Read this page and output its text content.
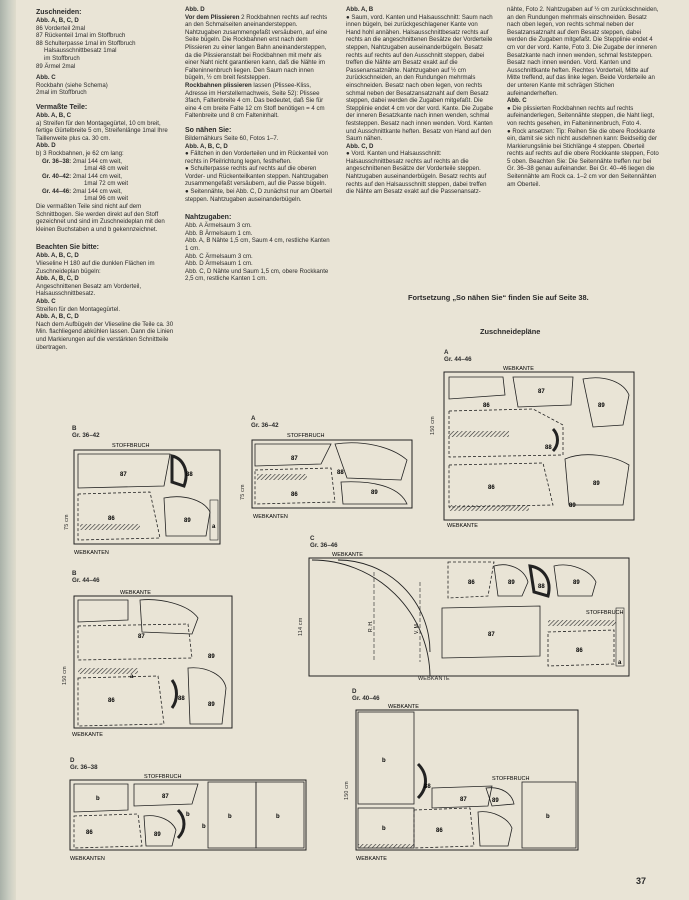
Zuschneiden:

Abb. A, B, C, D

86 Vorderteil 2mal

87 Rückenteil 1mal im Stoffbruch

88 Schulterpasse 1mal im Stoffbruch

Halsausschnittbesatz 1mal

im Stoffbruch

89 Ärmel 2mal

Abb. C

Rockbahn (siehe Schema)

2mal im Stoffbruch

Vermaßte Teile:

Abb. A, B, C

a) Streifen für den Montagegürtel, 10 cm breit, fertige Gürtelbreite 5 cm, Streifenlänge 1mal Ihre Taillenweite plus ca. 30 cm.

Abb. D

b) 3 Rockbahnen, je 62 cm lang:

Gr. 36–38: 2mal 144 cm weit,

1mal 48 cm weit

Gr. 40–42: 2mal 144 cm weit,

1mal 72 cm weit

Gr. 44–46: 2mal 144 cm weit,

1mal 96 cm weit

Die vermaßten Teile sind nicht auf dem Schnittbogen. Sie werden direkt auf den Stoff gezeichnet und sind im Zuschneideplan mit den kleinen Buchstaben a und b gekennzeichnet.

Beachten Sie bitte:

Abb. A, B, C, D

Vlieseline H 180 auf die dunklen Flächen im Zuschneideplan bügeln:

Abb. A, B, C, D

Angeschnittenen Besatz am Vorderteil, Halsausschnittbesatz.

Abb. C

Streifen für den Montagegürtel.

Abb. A, B, C, D

Nach dem Aufbügeln der Vlieseline die Teile ca. 30 Min. flachliegend abkühlen lassen. Dann die Linien und Markierungen auf die verstärkten Schnittteile übertragen.

Abb. D

Vor dem Plissieren 2 Rockbahnen rechts auf rechts an den Schmalseiten aneinandersteppen. Nahtzugaben zusammengefaßt versäubern, auf eine Seite bügeln. Die Rockbahnen erst nach dem Plissieren zu einer langen Bahn aneinandersteppen, da die Plissieranstalt bei Rockbahnen mit mehr als einer Naht nicht garantieren kann, daß die Nähte im Falteninnenbruch liegen. Den Saum nach innen bügeln, ½ cm breit feststeppen.

Rockbahnen plissieren lassen (Plissee-Kliss, Adresse im Herstellernachweis, Seite 52): Plissee 3fach, Faltenbreite 4 cm. Das bedeutet, daß Sie für eine 4 cm breite Falte 12 cm Stoff benötigen = 4 cm Faltenbreite und 8 cm Falteninhalt.

So nähen Sie:

Bildernähkurs Seite 60, Fotos 1–7.

Abb. A, B, C, D

● Fältchen in den Vorderteilen und im Rückenteil von rechts in Pfeilrichtung legen, festheften.

● Schulterpasse rechts auf rechts auf die oberen Vorder- und Rückenteilkanten steppen. Nahtzugaben zusammengefaßt versäubern, auf die Passe bügeln.

● Seitennähte, bei Abb. C, D zunächst nur am Oberteil steppen. Nahtzugaben auseinanderbügeln.

Nahtzugaben:

Abb. A Ärmelsaum 3 cm.

Abb. B Ärmelsaum 1 cm.

Abb. A, B Nähte 1,5 cm, Saum 4 cm, restliche Kanten 1 cm.

Abb. C Ärmelsaum 3 cm.

Abb. D Ärmelsaum 1 cm.

Abb. C, D Nähte und Saum 1,5 cm, obere Rockkante 2,5 cm, restliche Kanten 1 cm.

Abb. A, B

● Saum, vord. Kanten und Halsausschnitt: Saum nach innen bügeln, bei zurückgeschlagener Kante von Hand hohl annähen. Halsausschnittbesatz rechts auf rechts an die angeschnittenen Besätze der Vorderteile steppen, Nahtzugaben auseinanderbügeln. Besatz rechts auf rechts auf den Ausschnitt steppen, dabei treffen die Nähte am Besatz exakt auf die Passenansatznähte. Nahtzugaben auf ½ cm zurückschneiden, an den Rundungen mehrmals einschneiden. Besatz nach oben legen, von rechts schmal neben der Besatzansatznaht auf dem Besatz steppen, dabei werden die Zugaben mitgefaßt. Die Stepplinie endet 4 cm vor der vord. Kante. Die Zugabe der inneren Besatzkante nach innen wenden, schmal feststeppen. Besatz nach innen wenden. Vord. Kanten und Ausschnittkante heften. Besatz von Hand auf den Saum nähen.

Abb. C, D

● Vord. Kanten und Halsausschnitt: Halsausschnittbesatz rechts auf rechts an die angeschnittenen Besätze der Vorderteile steppen. Nahtzugaben auseinanderbügeln. Besatz rechts auf rechts auf den Halsausschnitt steppen, dabei treffen die Nähte am Besatz exakt auf die Passenansatz-

nähte, Foto 2. Nahtzugaben auf ½ cm zurückschneiden, an den Rundungen mehrmals einschneiden. Besatz nach oben legen, von rechts schmal neben der Besatzansatznaht auf dem Besatz steppen, dabei werden die Zugaben mitgefaßt. Die Stepplinie endet 4 cm vor der vord. Kante, Foto 3. Die Zugabe der inneren Besatzkante nach innen wenden, schmal feststeppen. Besatz nach innen wenden. Vord. Kanten und Ausschnittkante heften. Rechtes Vorderteil, Mitte auf Mitte treffend, auf das linke legen. Beide Vorderteile an der unteren Kante mit schrägen Stichen aufeinanderheften.

Abb. C

● Die plissierten Rockbahnen rechts auf rechts aufeinanderlegen, Seitennähte steppen, die Naht liegt, von rechts gesehen, im Falteninnenbruch, Foto 4.

● Rock ansetzen: Tip: Reihen Sie die obere Rockkante ein, damit sie sich nicht ausdehnen kann: Beidseitig der Markierungslinie bei Stichlänge 4 steppen. Oberteil rechts auf rechts auf die obere Rockkante steppen, Foto 5 oben. Beachten Sie: Die Seitennähte treffen nur bei Gr. 36–38 genau aufeinander. Bei Gr. 40–46 liegen die Seitennähte am Rock ca. 1–2 cm vor den Seitennähten am Oberteil.

Fortsetzung „So nähen Sie“ finden Sie auf Seite 38.
Zuschneidepläne
A
Gr. 44–46
89
86
87
88
89
86
89
WEBKANTE
WEBKANTE
150 cm
A
Gr. 36–42
87
86
88
89
STOFFBRUCH
WEBKANTEN
75 cm
B
Gr. 36–42
87
86
88
89
a
STOFFBRUCH
WEBKANTEN
75 cm
C
Gr. 36–46
86	89
88
89
87
86
a
R. H.	V. M.
STOFFBRUCH
WEBKANTE
WEBKANTE
114 cm
B
Gr. 44–46
87
88
86
89
a
89
WEBKANTE
WEBKANTE
150 cm
D
Gr. 36–38
b	87
b
86	89
b	b
b
STOFFBRUCH
WEBKANTEN
D
Gr. 40–46
b
88
87	89
b	86
b
WEBKANTE
STOFFBRUCH
WEBKANTE
150 cm
37
